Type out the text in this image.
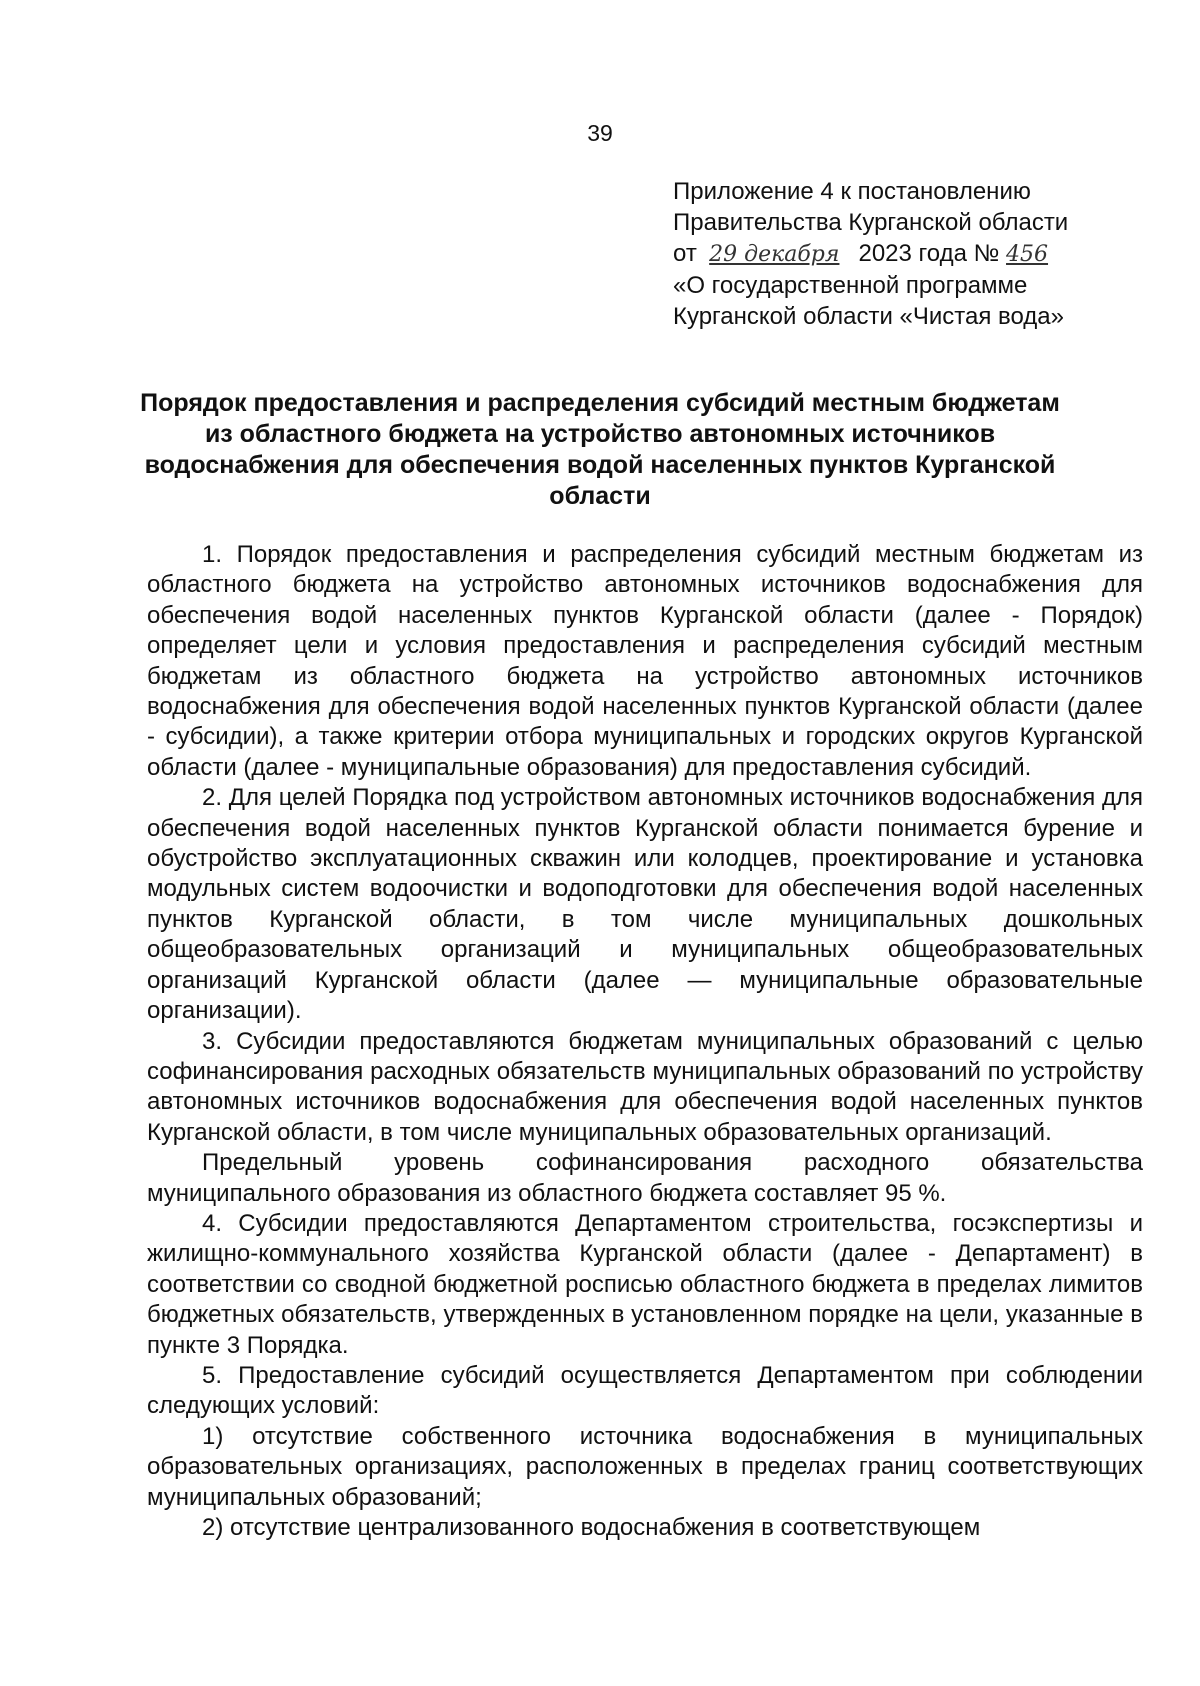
39
Приложение 4 к постановлению
Правительства Курганской области
от 29 декабря 2023 года № 456
«О государственной программе
Курганской области «Чистая вода»
Порядок предоставления и распределения субсидий местным бюджетам из областного бюджета на устройство автономных источников водоснабжения для обеспечения водой населенных пунктов Курганской области

1. Порядок предоставления и распределения субсидий местным бюджетам из областного бюджета на устройство автономных источников водоснабжения для обеспечения водой населенных пунктов Курганской области (далее - Порядок) определяет цели и условия предоставления и распределения субсидий местным бюджетам из областного бюджета на устройство автономных источников водоснабжения для обеспечения водой населенных пунктов Курганской области (далее - субсидии), а также критерии отбора муниципальных и городских округов Курганской области (далее - муниципальные образования) для предоставления субсидий.

2. Для целей Порядка под устройством автономных источников водоснабжения для обеспечения водой населенных пунктов Курганской области понимается бурение и обустройство эксплуатационных скважин или колодцев, проектирование и установка модульных систем водоочистки и водоподготовки для обеспечения водой населенных пунктов Курганской области, в том числе муниципальных дошкольных общеобразовательных организаций и муниципальных общеобразовательных организаций Курганской области (далее — муниципальные образовательные организации).

3. Субсидии предоставляются бюджетам муниципальных образований с целью софинансирования расходных обязательств муниципальных образований по устройству автономных источников водоснабжения для обеспечения водой населенных пунктов Курганской области, в том числе муниципальных образовательных организаций.

Предельный уровень софинансирования расходного обязательства муниципального образования из областного бюджета составляет 95 %.

4. Субсидии предоставляются Департаментом строительства, госэкспертизы и жилищно-коммунального хозяйства Курганской области (далее - Департамент) в соответствии со сводной бюджетной росписью областного бюджета в пределах лимитов бюджетных обязательств, утвержденных в установленном порядке на цели, указанные в пункте 3 Порядка.

5. Предоставление субсидий осуществляется Департаментом при соблюдении следующих условий:

1) отсутствие собственного источника водоснабжения в муниципальных образовательных организациях, расположенных в пределах границ соответствующих муниципальных образований;

2) отсутствие централизованного водоснабжения в соответствующем
